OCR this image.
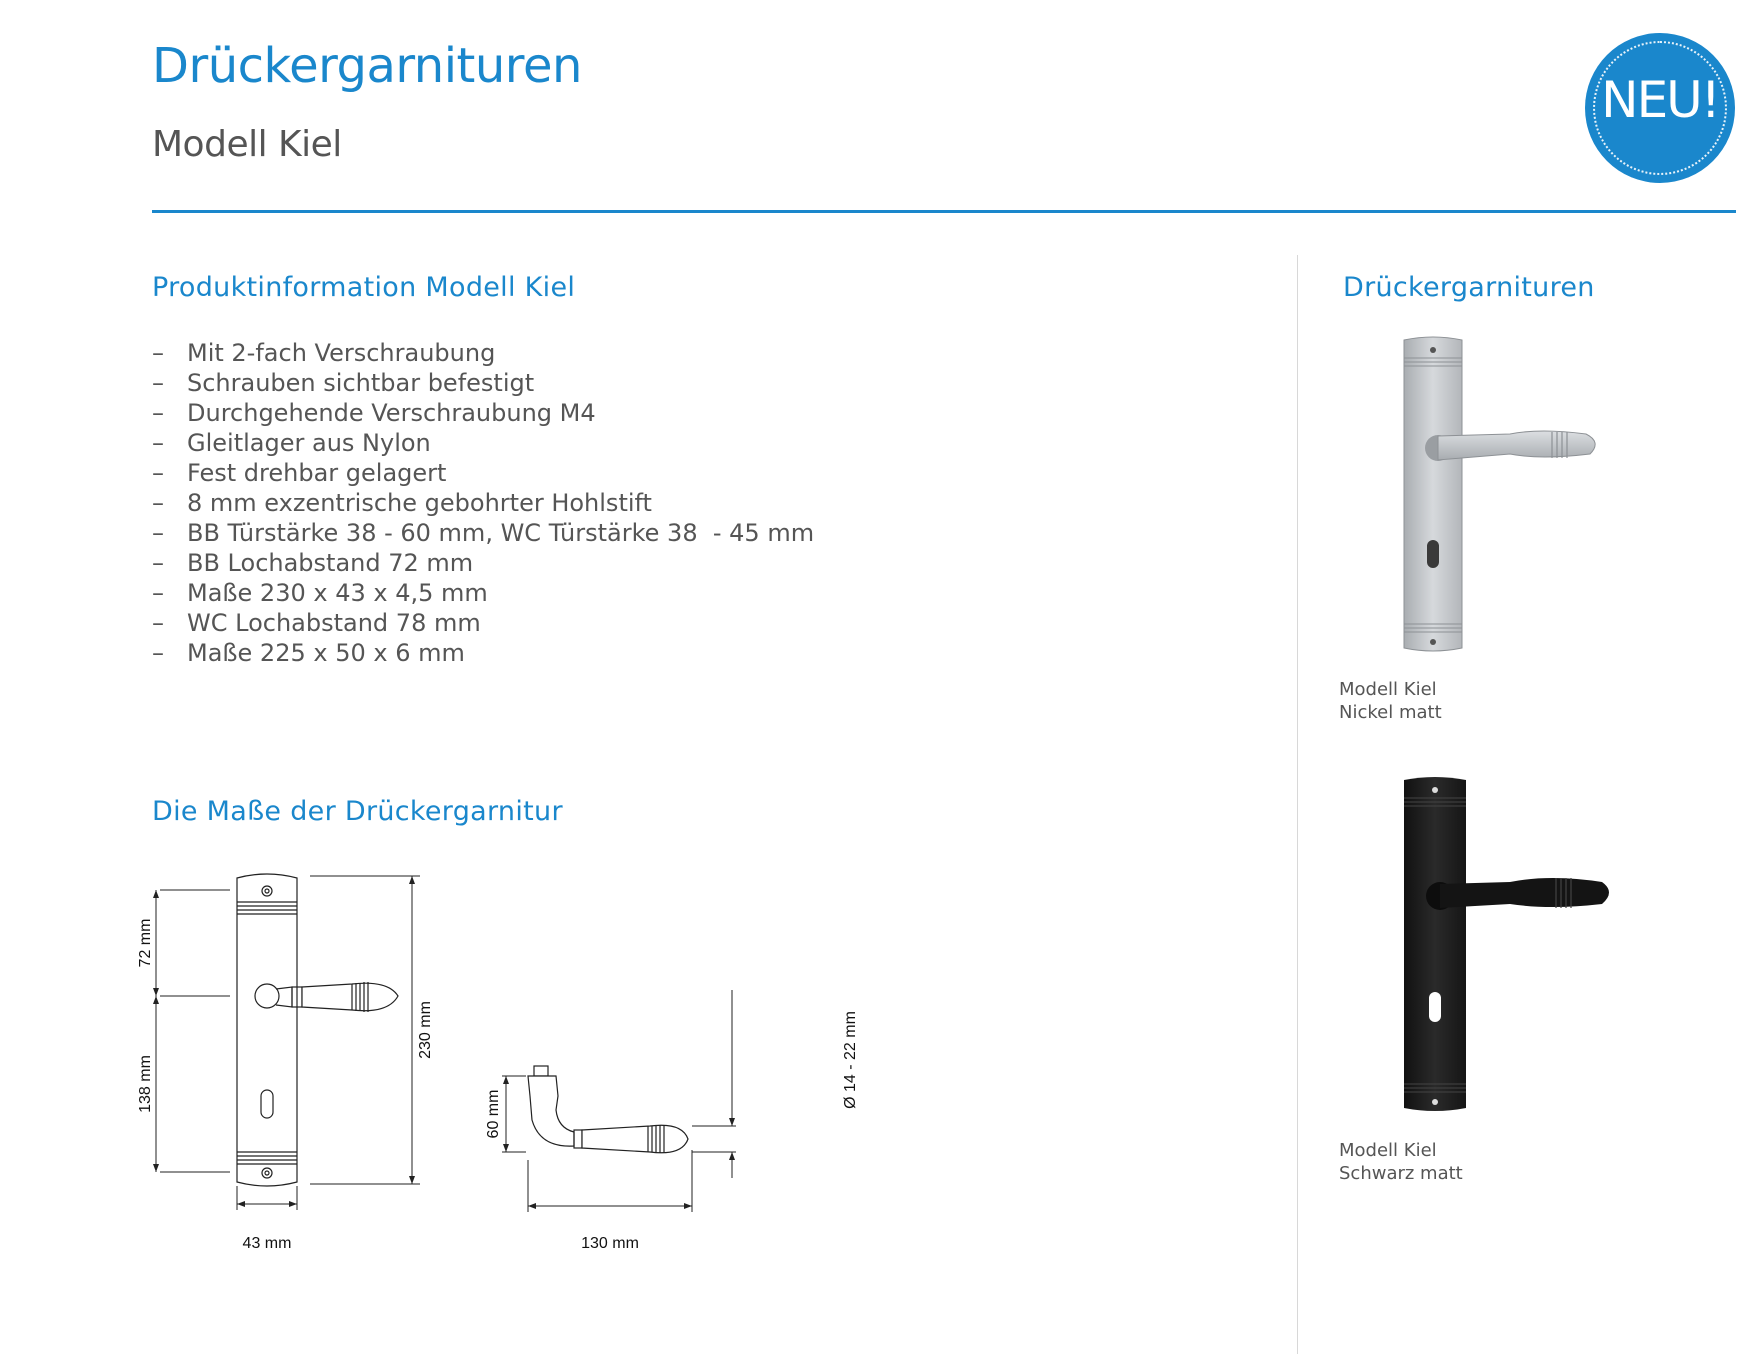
Drückergarnituren
Modell Kiel
NEU!
Produktinformation Modell Kiel
– Mit 2-fach Verschraubung
– Schrauben sichtbar befestigt
– Durchgehende Verschraubung M4
– Gleitlager aus Nylon
– Fest drehbar gelagert
– 8 mm exzentrische gebohrter Hohlstift
– BB Türstärke 38 - 60 mm, WC Türstärke 38  - 45 mm
– BB Lochabstand 72 mm
– Maße 230 x 43 x 4,5 mm
– WC Lochabstand 78 mm
– Maße 225 x 50 x 6 mm
Die Maße der Drückergarnitur
72 mm
138 mm
230 mm
43 mm
60 mm
130 mm
Ø 14 - 22 mm
Drückergarnituren
Modell Kiel
Nickel matt
Modell Kiel
Schwarz matt
